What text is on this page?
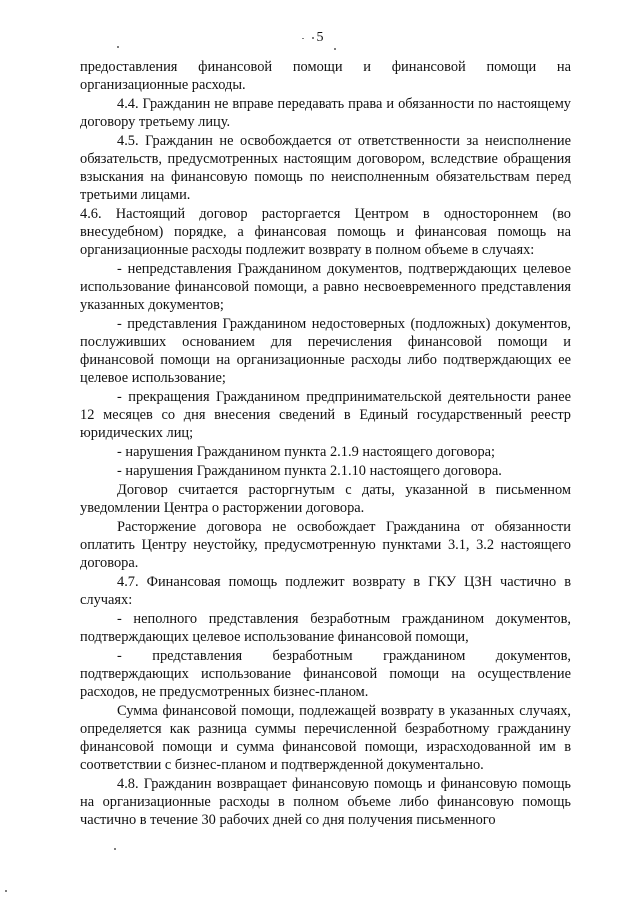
5

предоставления финансовой помощи и финансовой помощи на организационные расходы.

4.4. Гражданин не вправе передавать права и обязанности по настоящему договору третьему лицу.

4.5. Гражданин не освобождается от ответственности за неисполнение обязательств, предусмотренных настоящим договором, вследствие обращения взыскания на финансовую помощь по неисполненным обязательствам перед третьими лицами.

4.6. Настоящий договор расторгается Центром в одностороннем (во внесудебном) порядке, а финансовая помощь и финансовая помощь на организационные расходы подлежит возврату в полном объеме в случаях:

- непредставления Гражданином документов, подтверждающих целевое использование финансовой помощи, а равно несвоевременного представления указанных документов;

- представления Гражданином недостоверных (подложных) документов, послуживших основанием для перечисления финансовой помощи и финансовой помощи на организационные расходы либо подтверждающих ее целевое использование;

- прекращения Гражданином предпринимательской деятельности ранее 12 месяцев со дня внесения сведений в Единый государственный реестр юридических лиц;

- нарушения Гражданином пункта 2.1.9 настоящего договора;

- нарушения Гражданином пункта 2.1.10 настоящего договора.

Договор считается расторгнутым с даты, указанной в письменном уведомлении Центра о расторжении договора.

Расторжение договора не освобождает Гражданина от обязанности оплатить Центру неустойку, предусмотренную пунктами 3.1, 3.2 настоящего договора.

4.7. Финансовая помощь подлежит возврату в ГКУ ЦЗН частично в случаях:

- неполного представления безработным гражданином документов, подтверждающих целевое использование финансовой помощи,

- представления безработным гражданином документов, подтверждающих использование финансовой помощи на осуществление расходов, не предусмотренных бизнес-планом.

Сумма финансовой помощи, подлежащей возврату в указанных случаях, определяется как разница суммы перечисленной безработному гражданину финансовой помощи и сумма финансовой помощи, израсходованной им в соответствии с бизнес-планом и подтвержденной документально.

4.8. Гражданин возвращает финансовую помощь и финансовую помощь на организационные расходы в полном объеме либо финансовую помощь частично в течение 30 рабочих дней со дня получения письменного
